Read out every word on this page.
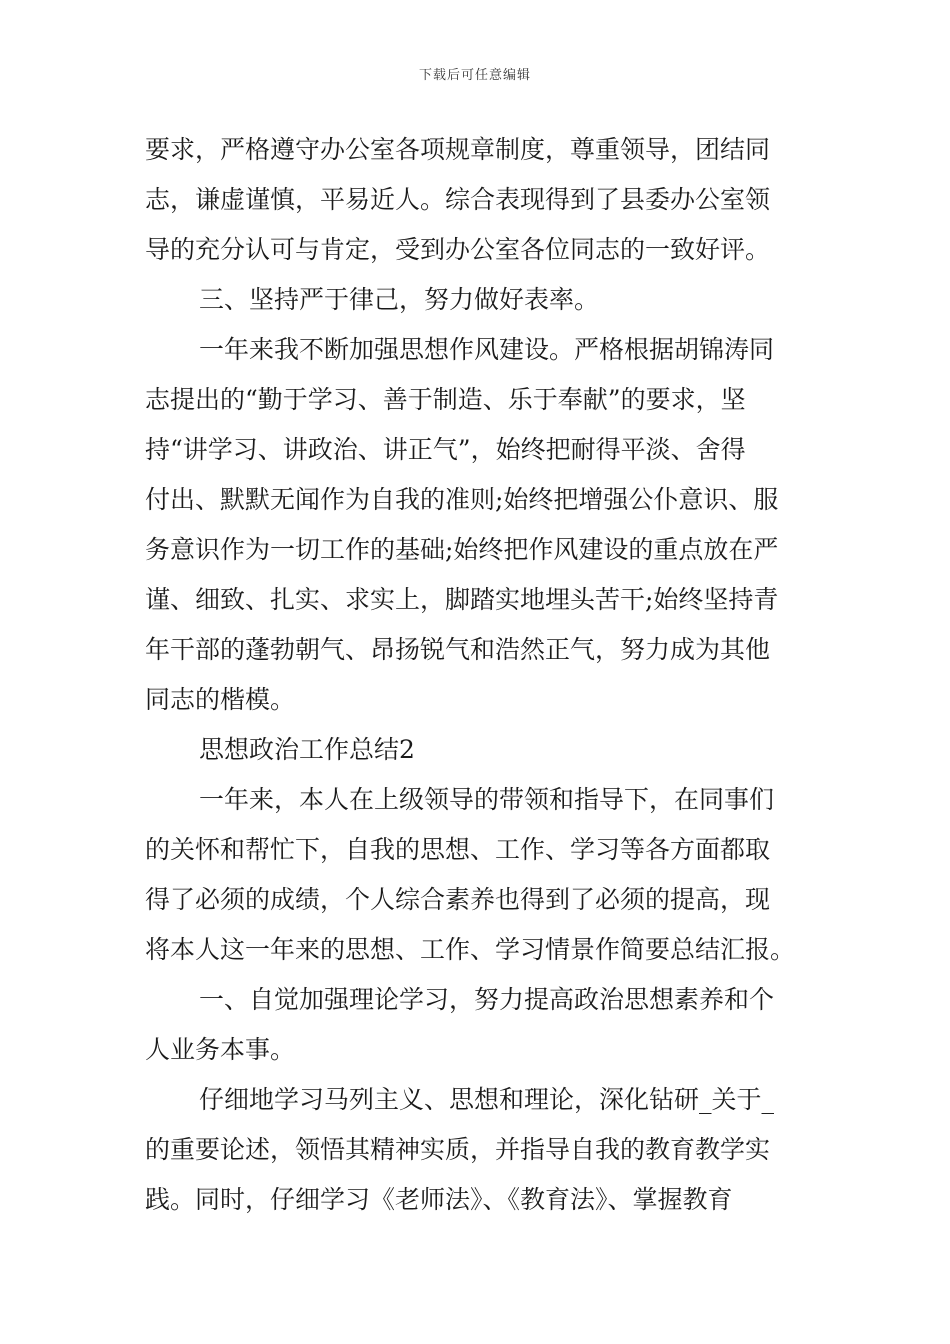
下载后可任意编辑
要求，严格遵守办公室各项规章制度，尊重领导，团结同
志，谦虚谨慎，平易近人。综合表现得到了县委办公室领
导的充分认可与肯定，受到办公室各位同志的一致好评。
三、坚持严于律己，努力做好表率。
一年来我不断加强思想作风建设。严格根据胡锦涛同
志提出的“勤于学习、善于制造、乐于奉献”的要求，坚
持“讲学习、讲政治、讲正气”，始终把耐得平淡、舍得
付出、默默无闻作为自我的准则;始终把增强公仆意识、服
务意识作为一切工作的基础;始终把作风建设的重点放在严
谨、细致、扎实、求实上，脚踏实地埋头苦干;始终坚持青
年干部的蓬勃朝气、昂扬锐气和浩然正气，努力成为其他
同志的楷模。
思想政治工作总结2
一年来，本人在上级领导的带领和指导下，在同事们
的关怀和帮忙下，自我的思想、工作、学习等各方面都取
得了必须的成绩，个人综合素养也得到了必须的提高，现
将本人这一年来的思想、工作、学习情景作简要总结汇报。
一、自觉加强理论学习，努力提高政治思想素养和个
人业务本事。
仔细地学习马列主义、思想和理论，深化钻研_关于_
的重要论述，领悟其精神实质，并指导自我的教育教学实
践。同时，仔细学习《老师法》、《教育法》、掌握教育
